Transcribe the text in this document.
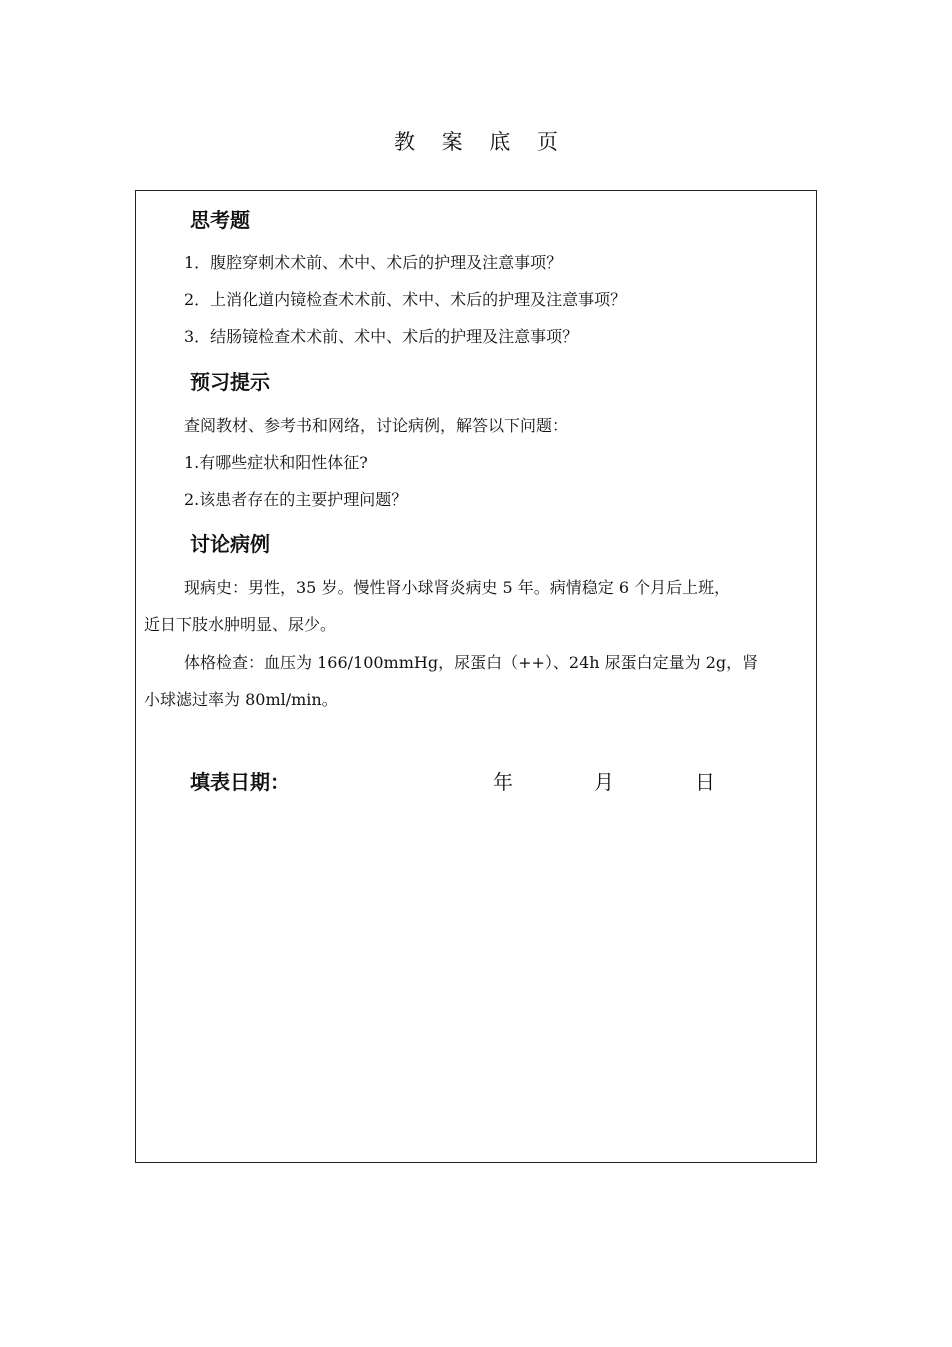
教 案 底 页
思考题
1．腹腔穿刺术术前、术中、术后的护理及注意事项？
2．上消化道内镜检查术术前、术中、术后的护理及注意事项？
3．结肠镜检查术术前、术中、术后的护理及注意事项？
预习提示
查阅教材、参考书和网络，讨论病例，解答以下问题：
1.有哪些症状和阳性体征?
2.该患者存在的主要护理问题？
讨论病例
现病史：男性，35 岁。慢性肾小球肾炎病史 5 年。病情稳定 6 个月后上班，
近日下肢水肿明显、尿少。
体格检查：血压为 166/100mmHg，尿蛋白（++）、24h 尿蛋白定量为 2g，肾
小球滤过率为 80ml/min。
填表日期：	年	月	日
